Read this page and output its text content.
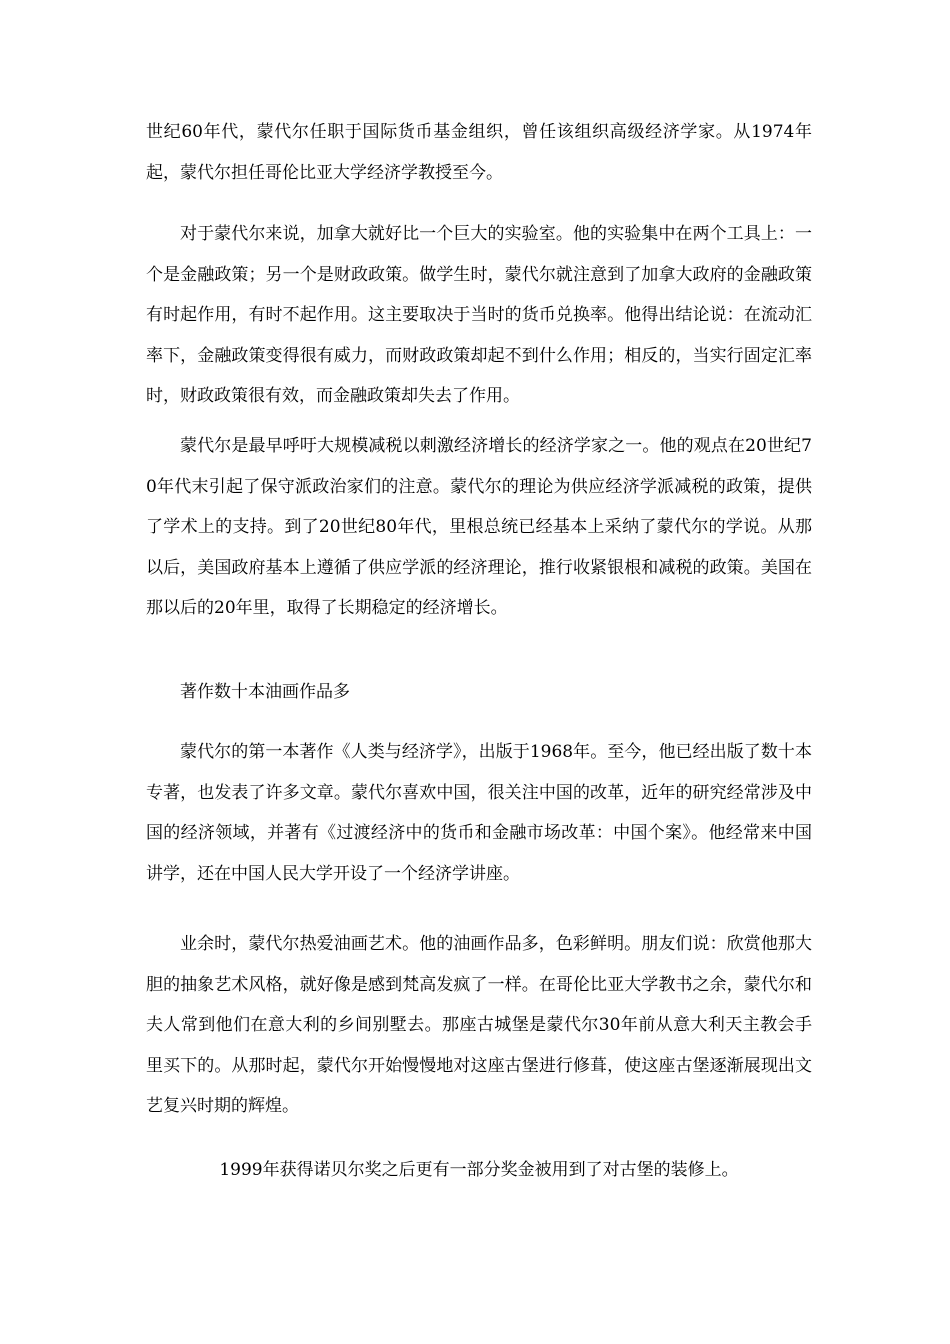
世纪60年代，蒙代尔任职于国际货币基金组织，曾任该组织高级经济学家。从1974年起，蒙代尔担任哥伦比亚大学经济学教授至今。

对于蒙代尔来说，加拿大就好比一个巨大的实验室。他的实验集中在两个工具上：一个是金融政策；另一个是财政政策。做学生时，蒙代尔就注意到了加拿大政府的金融政策有时起作用，有时不起作用。这主要取决于当时的货币兑换率。他得出结论说：在流动汇率下，金融政策变得很有威力，而财政政策却起不到什么作用；相反的，当实行固定汇率时，财政政策很有效，而金融政策却失去了作用。

蒙代尔是最早呼吁大规模减税以刺激经济增长的经济学家之一。他的观点在20世纪70年代末引起了保守派政治家们的注意。蒙代尔的理论为供应经济学派减税的政策，提供了学术上的支持。到了20世纪80年代，里根总统已经基本上采纳了蒙代尔的学说。从那以后，美国政府基本上遵循了供应学派的经济理论，推行收紧银根和减税的政策。美国在那以后的20年里，取得了长期稳定的经济增长。

著作数十本油画作品多

蒙代尔的第一本著作《人类与经济学》，出版于1968年。至今，他已经出版了数十本专著，也发表了许多文章。蒙代尔喜欢中国，很关注中国的改革，近年的研究经常涉及中国的经济领域，并著有《过渡经济中的货币和金融市场改革：中国个案》。他经常来中国讲学，还在中国人民大学开设了一个经济学讲座。

业余时，蒙代尔热爱油画艺术。他的油画作品多，色彩鲜明。朋友们说：欣赏他那大胆的抽象艺术风格，就好像是感到梵高发疯了一样。在哥伦比亚大学教书之余，蒙代尔和夫人常到他们在意大利的乡间别墅去。那座古城堡是蒙代尔30年前从意大利天主教会手里买下的。从那时起，蒙代尔开始慢慢地对这座古堡进行修葺，使这座古堡逐渐展现出文艺复兴时期的辉煌。

1999年获得诺贝尔奖之后更有一部分奖金被用到了对古堡的装修上。
